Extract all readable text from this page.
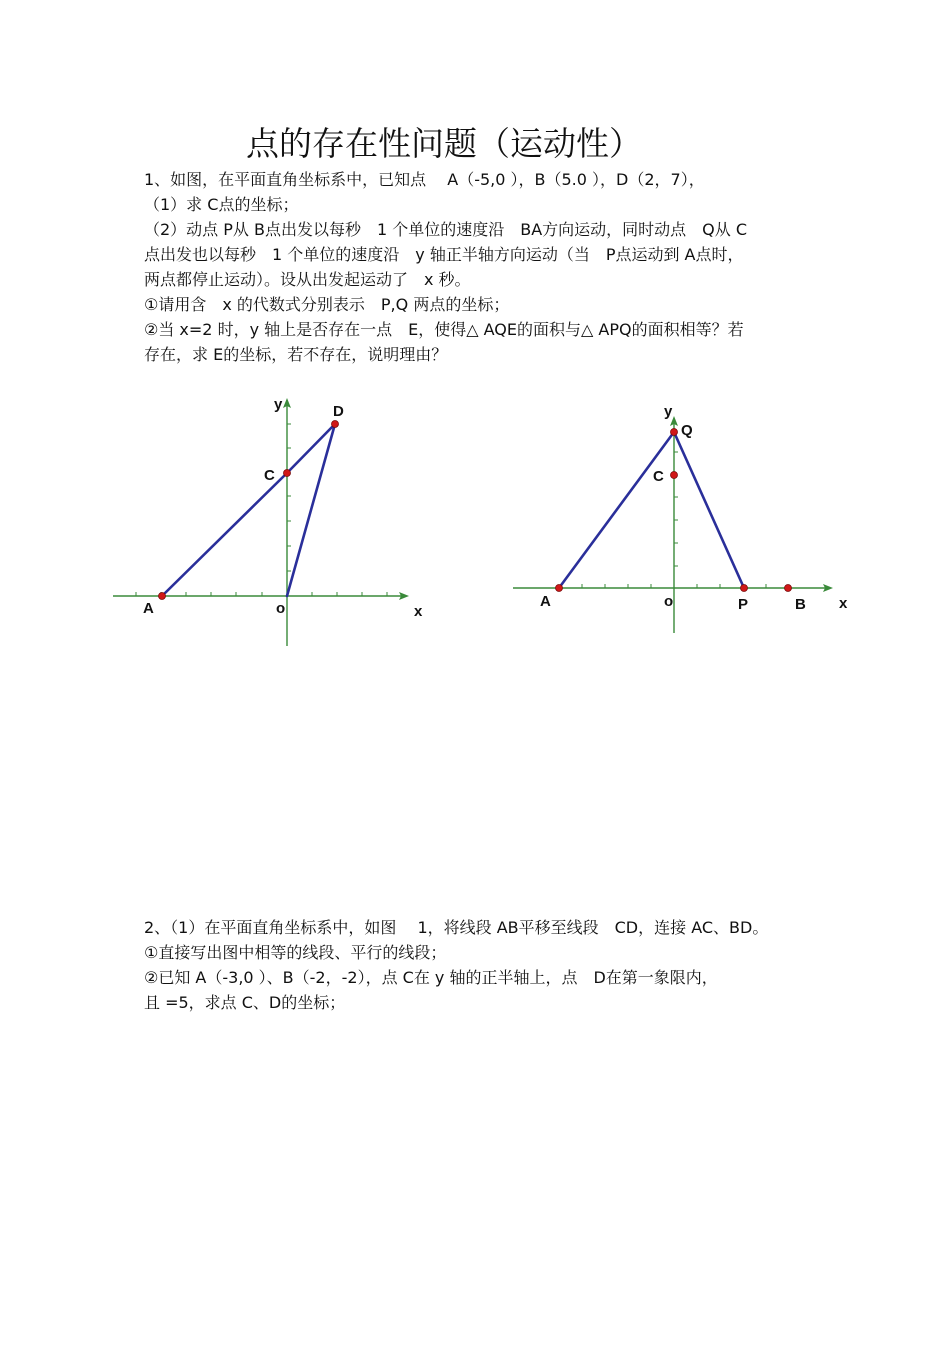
点的存在性问题（运动性）
1、如图，在平面直角坐标系中，已知点　 A（-5,0 ），B（5.0 ），D（2，7），
（1）求 C点的坐标；
（2）动点 P从 B点出发以每秒　1 个单位的速度沿　BA方向运动，同时动点　Q从 C
点出发也以每秒　1 个单位的速度沿　y 轴正半轴方向运动（当　P点运动到 A点时，
两点都停止运动）。设从出发起运动了　x 秒。
①请用含　x 的代数式分别表示　P,Q 两点的坐标；
②当 x=2 时，y 轴上是否存在一点　E，使得△ AQE的面积与△ APQ的面积相等？若
存在，求 E的坐标，若不存在，说明理由？
y	D
C
A	o	x
y
Q
C
A	o	P	B x
2、（1）在平面直角坐标系中，如图　 1，将线段 AB平移至线段　CD，连接 AC、BD。
①直接写出图中相等的线段、平行的线段；
②已知 A（-3,0 ）、B（-2，-2），点 C在 y 轴的正半轴上，点　D在第一象限内，
且 =5，求点 C、D的坐标；
